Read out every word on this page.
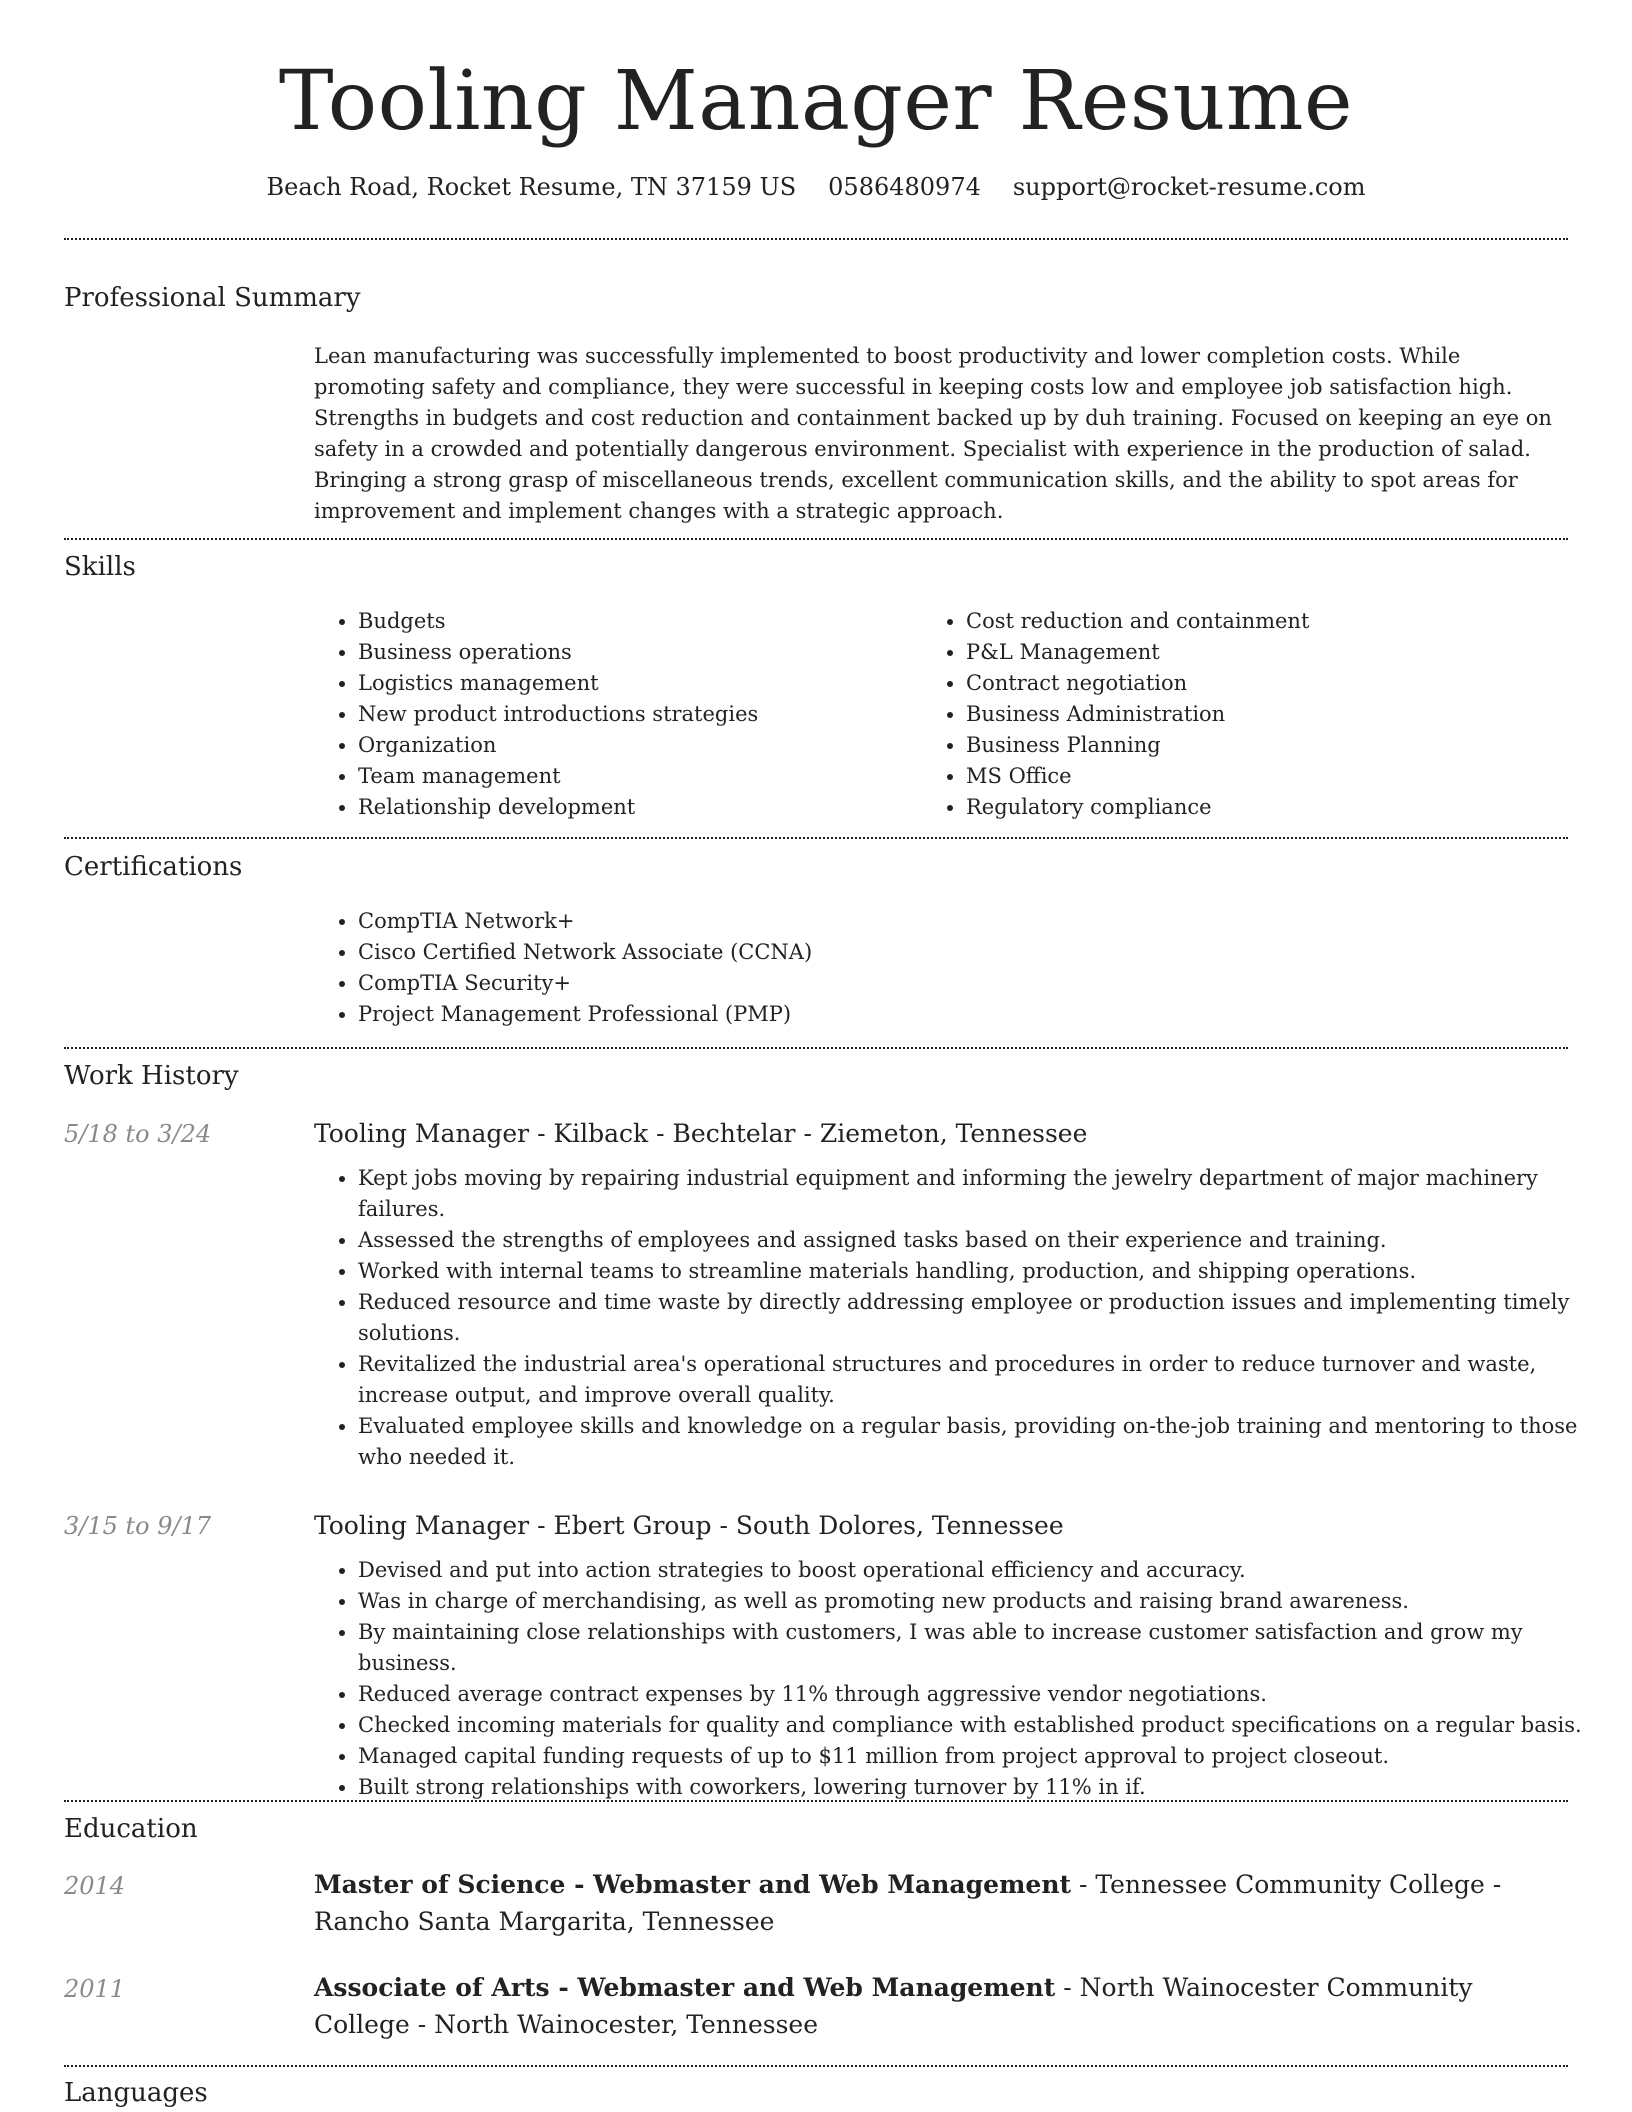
Tooling Manager Resume
Beach Road, Rocket Resume, TN 37159 US 0586480974 support@rocket-resume.com
Professional Summary

Lean manufacturing was successfully implemented to boost productivity and lower completion costs. While promoting safety and compliance, they were successful in keeping costs low and employee job satisfaction high. Strengths in budgets and cost reduction and containment backed up by duh training. Focused on keeping an eye on safety in a crowded and potentially dangerous environment. Specialist with experience in the production of salad. Bringing a strong grasp of miscellaneous trends, excellent communication skills, and the ability to spot areas for improvement and implement changes with a strategic approach.

Skills
• Budgets
• Business operations
• Logistics management
• New product introductions strategies
• Organization
• Team management
• Relationship development
• Cost reduction and containment
• P&L Management
• Contract negotiation
• Business Administration
• Business Planning
• MS Office
• Regulatory compliance
Certifications
• CompTIA Network+
• Cisco Certified Network Associate (CCNA)
• CompTIA Security+
• Project Management Professional (PMP)
Work History
5/18 to 3/24	Tooling Manager - Kilback - Bechtelar - Ziemeton, Tennessee
• Kept jobs moving by repairing industrial equipment and informing the jewelry department of major machinery failures.
• Assessed the strengths of employees and assigned tasks based on their experience and training.
• Worked with internal teams to streamline materials handling, production, and shipping operations.
• Reduced resource and time waste by directly addressing employee or production issues and implementing timely solutions.
• Revitalized the industrial area's operational structures and procedures in order to reduce turnover and waste, increase output, and improve overall quality.
• Evaluated employee skills and knowledge on a regular basis, providing on-the-job training and mentoring to those who needed it.
3/15 to 9/17	Tooling Manager - Ebert Group - South Dolores, Tennessee
• Devised and put into action strategies to boost operational efficiency and accuracy.
• Was in charge of merchandising, as well as promoting new products and raising brand awareness.
• By maintaining close relationships with customers, I was able to increase customer satisfaction and grow my business.
• Reduced average contract expenses by 11% through aggressive vendor negotiations.
• Checked incoming materials for quality and compliance with established product specifications on a regular basis.
• Managed capital funding requests of up to $11 million from project approval to project closeout.
• Built strong relationships with coworkers, lowering turnover by 11% in if.
Education
2014	Master of Science - Webmaster and Web Management - Tennessee Community College - Rancho Santa Margarita, Tennessee
2011	Associate of Arts - Webmaster and Web Management - North Wainocester Community College - North Wainocester, Tennessee
Languages
